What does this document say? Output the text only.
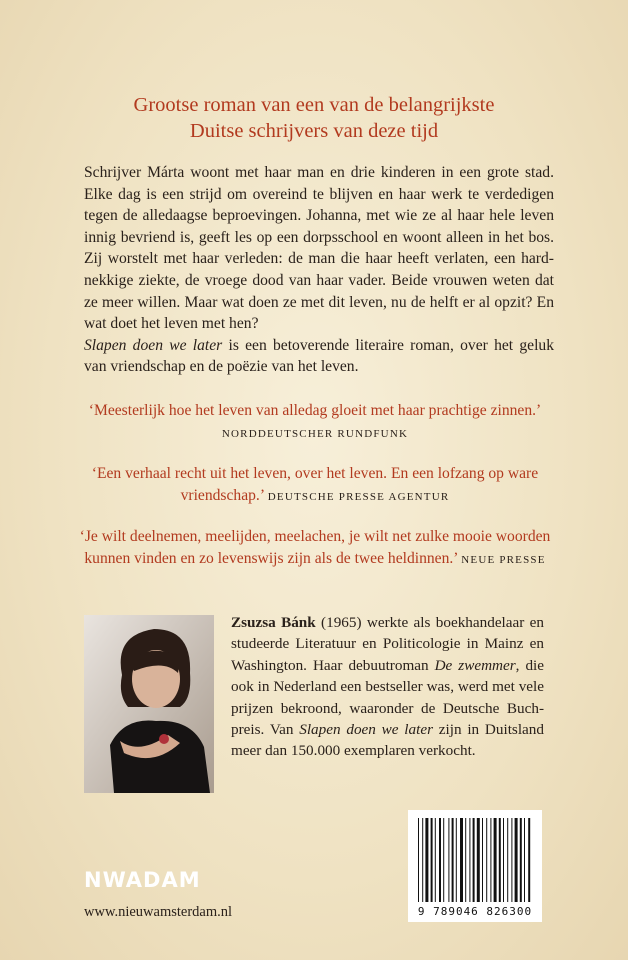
Grootse roman van een van de belangrijkste
Duitse schrijvers van deze tijd

Schrijver Márta woont met haar man en drie kinderen in een grote stad. Elke dag is een strijd om overeind te blijven en haar werk te verdedigen tegen de alledaagse beproevingen. Johanna, met wie ze al haar hele leven innig bevriend is, geeft les op een dorpsschool en woont alleen in het bos. Zij worstelt met haar verleden: de man die haar heeft verlaten, een hardnekkige ziekte, de vroege dood van haar vader. Beide vrouwen weten dat ze meer willen. Maar wat doen ze met dit leven, nu de helft er al opzit? En wat doet het leven met hen?

Slapen doen we later is een betoverende literaire roman, over het geluk van vriendschap en de poëzie van het leven.

‘Meesterlijk hoe het leven van alledag gloeit met haar prachtige zinnen.’
NORDDEUTSCHER RUNDFUNK
‘Een verhaal recht uit het leven, over het leven. En een lofzang op ware vriendschap.’ DEUTSCHE PRESSE AGENTUR
‘Je wilt deelnemen, meelijden, meelachen, je wilt net zulke mooie woorden kunnen vinden en zo levenswijs zijn als de twee heldinnen.’ NEUE PRESSE

Zsuzsa Bánk (1965) werkte als boekhandelaar en studeerde Literatuur en Politicologie in Mainz en Washington. Haar debuutroman De zwemmer, die ook in Nederland een bestseller was, werd met vele prijzen bekroond, waaronder de Deutsche Buchpreis. Van Slapen doen we later zijn in Duitsland meer dan 150.000 exemplaren verkocht.

9 789046 826300
NWADAM
www.nieuwamsterdam.nl
